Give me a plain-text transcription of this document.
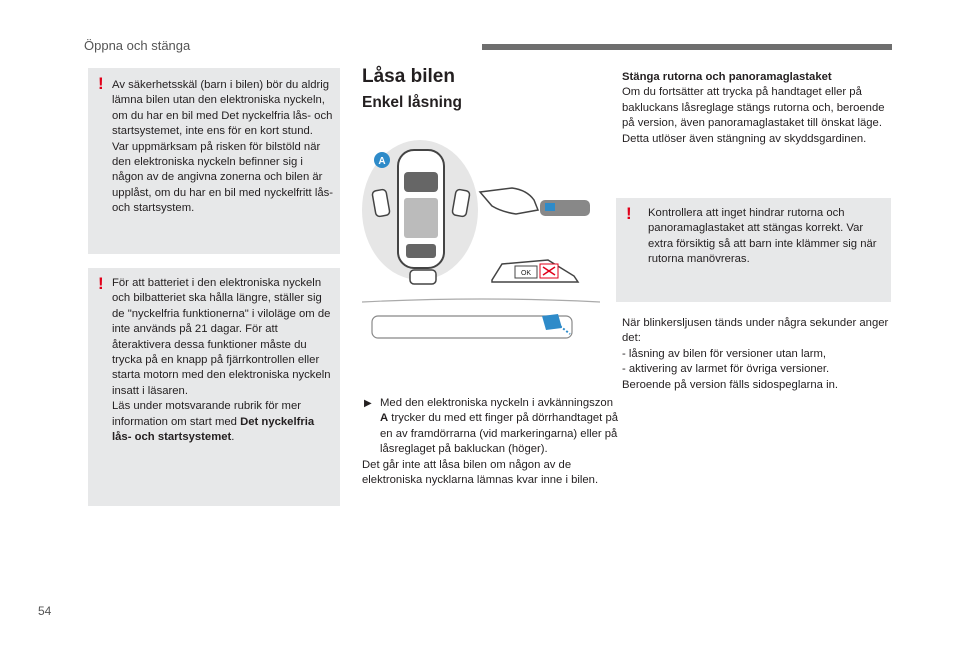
Öppna och stänga
! Av säkerhetsskäl (barn i bilen) bör du aldrig lämna bilen utan den elektroniska nyckeln, om du har en bil med Det nyckelfria lås- och startsystemet, inte ens för en kort stund.

Var uppmärksam på risken för bilstöld när den elektroniska nyckeln befinner sig i någon av de angivna zonerna och bilen är upplåst, om du har en bil med nyckelfritt lås- och startsystem.

! För att batteriet i den elektroniska nyckeln och bilbatteriet ska hålla längre, ställer sig de "nyckelfria funktionerna" i viloläge om de inte används på 21 dagar. För att återaktivera dessa funktioner måste du trycka på en knapp på fjärrkontrollen eller starta motorn med den elektroniska nyckeln insatt i läsaren.

Läs under motsvarande rubrik för mer information om start med Det nyckelfria lås- och startsystemet.

Låsa bilen
Enkel låsning
A
OK
▶ Med den elektroniska nyckeln i avkänningszon A trycker du med ett finger på dörrhandtaget på en av framdörrarna (vid markeringarna) eller på låsreglaget på bakluckan (höger).
Det går inte att låsa bilen om någon av de elektroniska nycklarna lämnas kvar inne i bilen.
Stänga rutorna och panoramaglastaket
Om du fortsätter att trycka på handtaget eller på bakluckans låsreglage stängs rutorna och, beroende på version, även panoramaglastaket till önskat läge.
Detta utlöser även stängning av skyddsgardinen.
! Kontrollera att inget hindrar rutorna och panoramaglastaket att stängas korrekt. Var extra försiktig så att barn inte klämmer sig när rutorna manövreras.
När blinkersljusen tänds under några sekunder anger det:
- låsning av bilen för versioner utan larm,
- aktivering av larmet för övriga versioner.
Beroende på version fälls sidospeglarna in.
54
